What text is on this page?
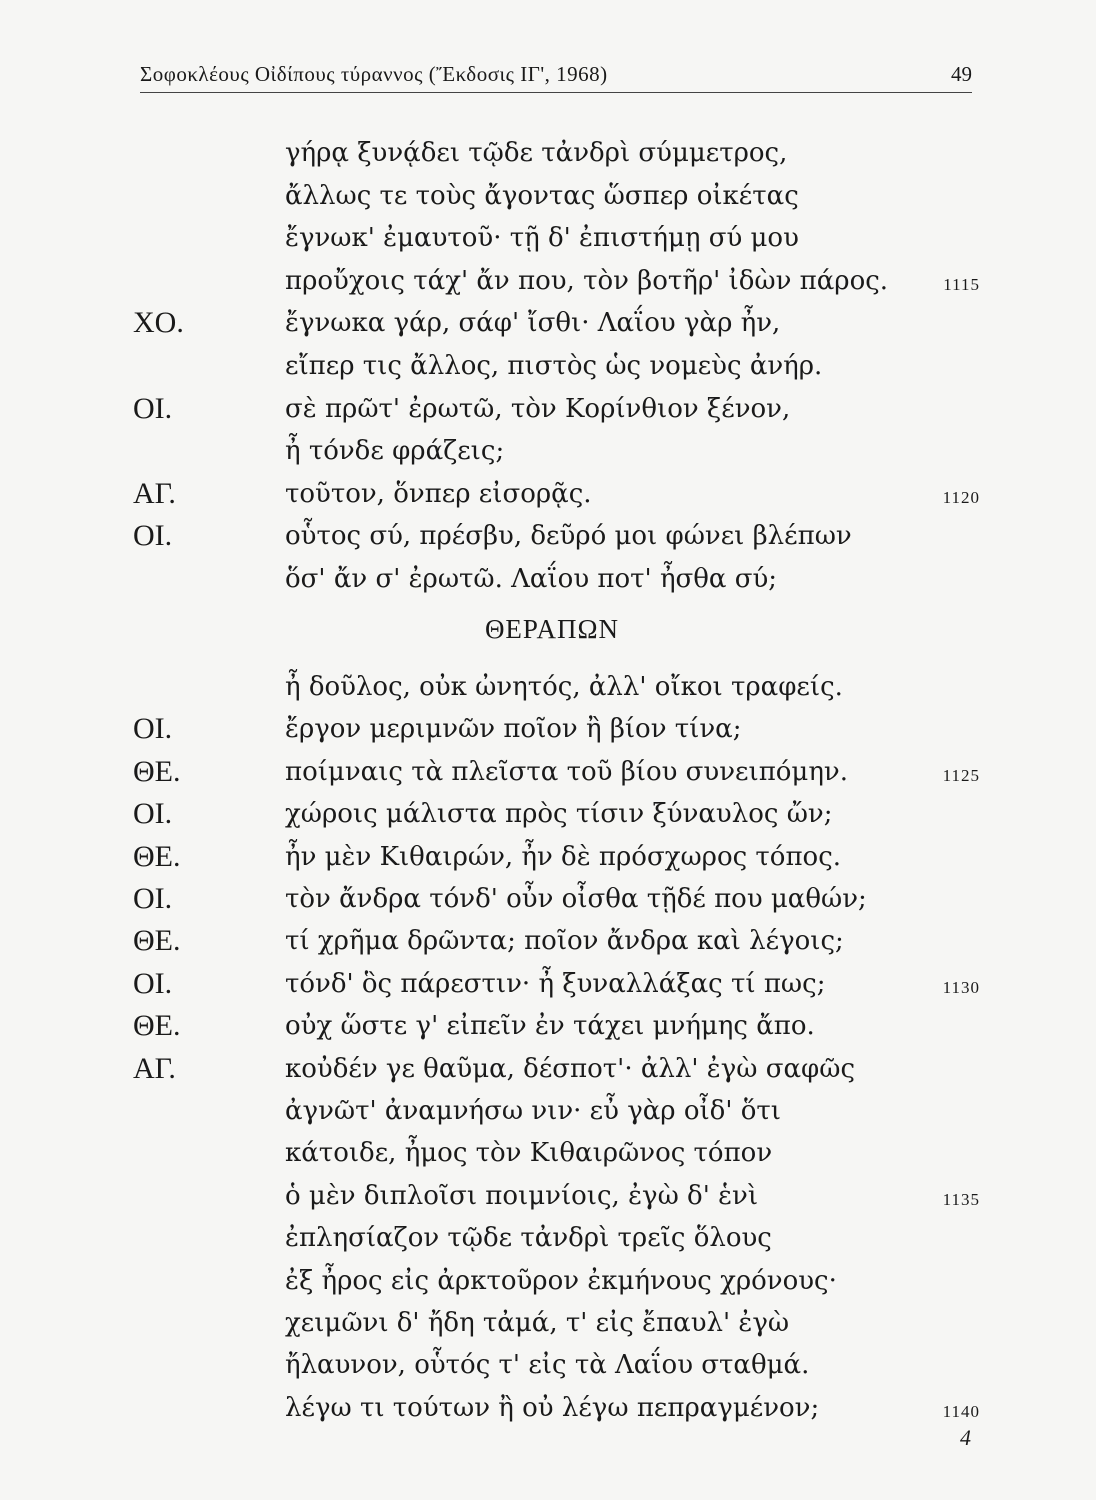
Σοφοκλέους Οἰδίπους τύραννος (Ἔκδοσις ΙΓ', 1968)	49
γήρᾳ ξυνᾴδει τῷδε τἀνδρὶ σύμμετρος,
ἄλλως τε τοὺς ἄγοντας ὥσπερ οἰκέτας
ἔγνωκ' ἐμαυτοῦ· τῇ δ' ἐπιστήμῃ σύ μου
προὔχοις τάχ' ἄν που, τὸν βοτῆρ' ἰδὼν πάρος.	1115
ΧΟ.	ἔγνωκα γάρ, σάφ' ἴσθι· Λαΐου γὰρ ἦν,
εἴπερ τις ἄλλος, πιστὸς ὡς νομεὺς ἀνήρ.
ΟΙ.	σὲ πρῶτ' ἐρωτῶ, τὸν Κορίνθιον ξένον,
ἦ τόνδε φράζεις;
ΑΓ.	τοῦτον, ὅνπερ εἰσορᾷς.	1120
ΟΙ.	οὗτος σύ, πρέσβυ, δεῦρό μοι φώνει βλέπων
ὅσ' ἄν σ' ἐρωτῶ. Λαΐου ποτ' ἦσθα σύ;
ΘΕΡΑΠΩΝ
ἦ δοῦλος, οὐκ ὠνητός, ἀλλ' οἴκοι τραφείς.
ΟΙ.	ἔργον μεριμνῶν ποῖον ἢ βίον τίνα;
ΘΕ.	ποίμναις τὰ πλεῖστα τοῦ βίου συνειπόμην.	1125
ΟΙ.	χώροις μάλιστα πρὸς τίσιν ξύναυλος ὤν;
ΘΕ.	ἦν μὲν Κιθαιρών, ἦν δὲ πρόσχωρος τόπος.
ΟΙ.	τὸν ἄνδρα τόνδ' οὖν οἶσθα τῇδέ που μαθών;
ΘΕ.	τί χρῆμα δρῶντα; ποῖον ἄνδρα καὶ λέγοις;
ΟΙ.	τόνδ' ὃς πάρεστιν· ἦ ξυναλλάξας τί πως;	1130
ΘΕ.	οὐχ ὥστε γ' εἰπεῖν ἐν τάχει μνήμης ἄπο.
ΑΓ.	κοὐδέν γε θαῦμα, δέσποτ'· ἀλλ' ἐγὼ σαφῶς
ἀγνῶτ' ἀναμνήσω νιν· εὖ γὰρ οἶδ' ὅτι
κάτοιδε, ἦμος τὸν Κιθαιρῶνος τόπον
ὁ μὲν διπλοῖσι ποιμνίοις, ἐγὼ δ' ἑνὶ	1135
ἐπλησίαζον τῷδε τἀνδρὶ τρεῖς ὅλους
ἐξ ἦρος εἰς ἀρκτοῦρον ἐκμήνους χρόνους·
χειμῶνι δ' ἤδη τἀμά, τ' εἰς ἔπαυλ' ἐγὼ
ἤλαυνον, οὗτός τ' εἰς τὰ Λαΐου σταθμά.
λέγω τι τούτων ἢ οὐ λέγω πεπραγμένον;	1140
4
